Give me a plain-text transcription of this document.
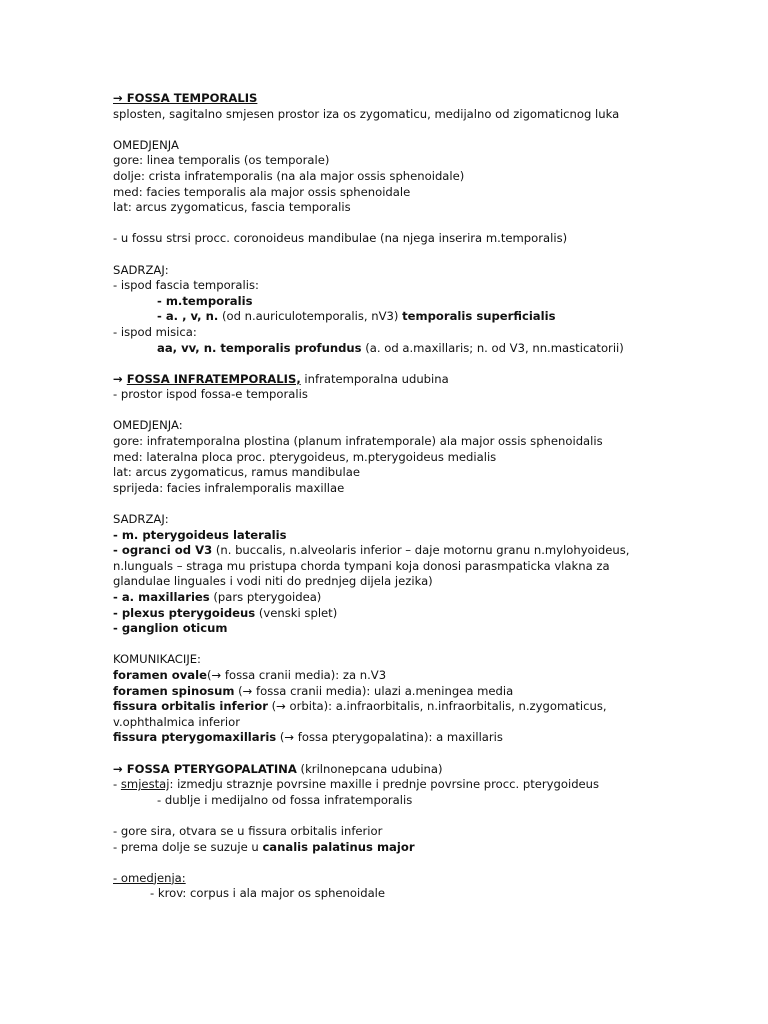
→ FOSSA TEMPORALIS
splosten, sagitalno smjesen prostor iza os zygomaticu, medijalno od zigomaticnog luka
OMEDJENJA
gore: linea temporalis (os temporale)
dolje: crista infratemporalis (na ala major ossis sphenoidale)
med: facies temporalis ala major ossis sphenoidale
lat: arcus zygomaticus, fascia temporalis
- u fossu strsi procc. coronoideus mandibulae (na njega inserira m.temporalis)
SADRZAJ:
- ispod fascia temporalis:
- m.temporalis
- a. , v, n. (od n.auriculotemporalis, nV3) temporalis superficialis
- ispod misica:
aa, vv, n. temporalis profundus (a. od a.maxillaris; n. od V3, nn.masticatorii)
→ FOSSA INFRATEMPORALIS, infratemporalna udubina
- prostor ispod fossa-e temporalis
OMEDJENJA:
gore: infratemporalna plostina (planum infratemporale) ala major ossis sphenoidalis
med: lateralna ploca proc. pterygoideus, m.pterygoideus medialis
lat: arcus zygomaticus, ramus mandibulae
sprijeda: facies infralemporalis maxillae
SADRZAJ:
- m. pterygoideus lateralis
- ogranci od V3 (n. buccalis, n.alveolaris inferior – daje motornu granu n.mylohyoideus,
n.lunguals – straga mu pristupa chorda tympani koja donosi parasmpaticka vlakna za
glandulae linguales i vodi niti do prednjeg dijela jezika)
- a. maxillaries (pars pterygoidea)
- plexus pterygoideus (venski splet)
- ganglion oticum
KOMUNIKACIJE:
foramen ovale(→ fossa cranii media): za n.V3
foramen spinosum (→ fossa cranii media): ulazi a.meningea media
fissura orbitalis inferior (→ orbita): a.infraorbitalis, n.infraorbitalis, n.zygomaticus,
v.ophthalmica inferior
fissura pterygomaxillaris (→ fossa pterygopalatina): a maxillaris
→ FOSSA PTERYGOPALATINA (krilnonepcana udubina)
- smjestaj: izmedju straznje povrsine maxille i prednje povrsine procc. pterygoideus
- dublje i medijalno od fossa infratemporalis
- gore sira, otvara se u fissura orbitalis inferior
- prema dolje se suzuje u canalis palatinus major
- omedjenja:
- krov: corpus i ala major os sphenoidale
